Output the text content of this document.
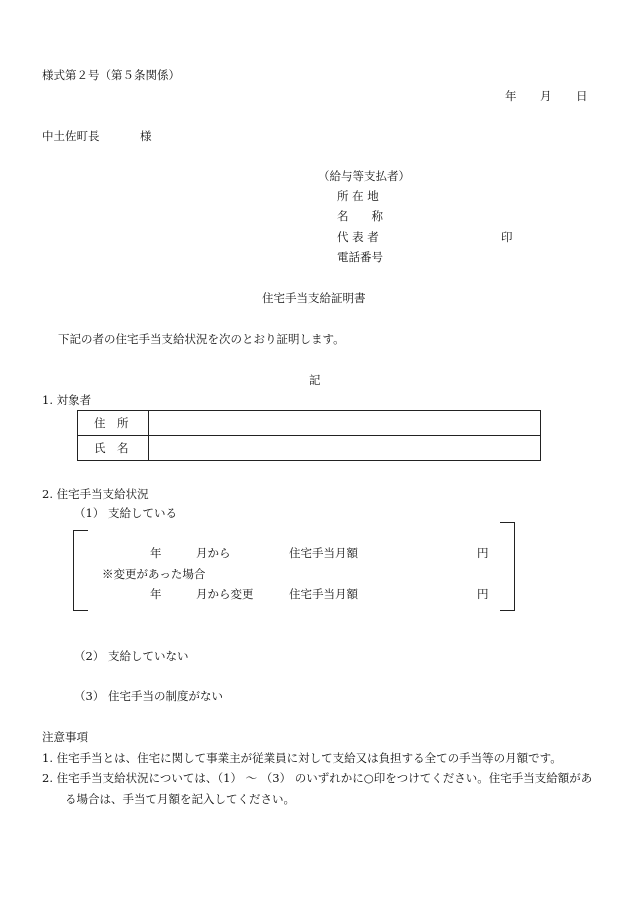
様式第２号（第５条関係）
年 月 日
中土佐町長	様
（給与等支払者）
所 在 地
名　　称
代 表 者	印
電話番号
住宅手当支給証明書
下記の者の住宅手当支給状況を次のとおり証明します。
記
1. 対象者
住　所	
氏　名	
2. 住宅手当支給状況
（1） 支給している
年	月から	住宅手当月額	円
※変更があった場合
年	月から変更	住宅手当月額	円
（2） 支給していない
（3） 住宅手当の制度がない
注意事項
1. 住宅手当とは、住宅に関して事業主が従業員に対して支給又は負担する全ての手当等の月額です。
2. 住宅手当支給状況については、（1） ～ （3） のいずれかに○印をつけてください。住宅手当支給額があ
る場合は、手当て月額を記入してください。
